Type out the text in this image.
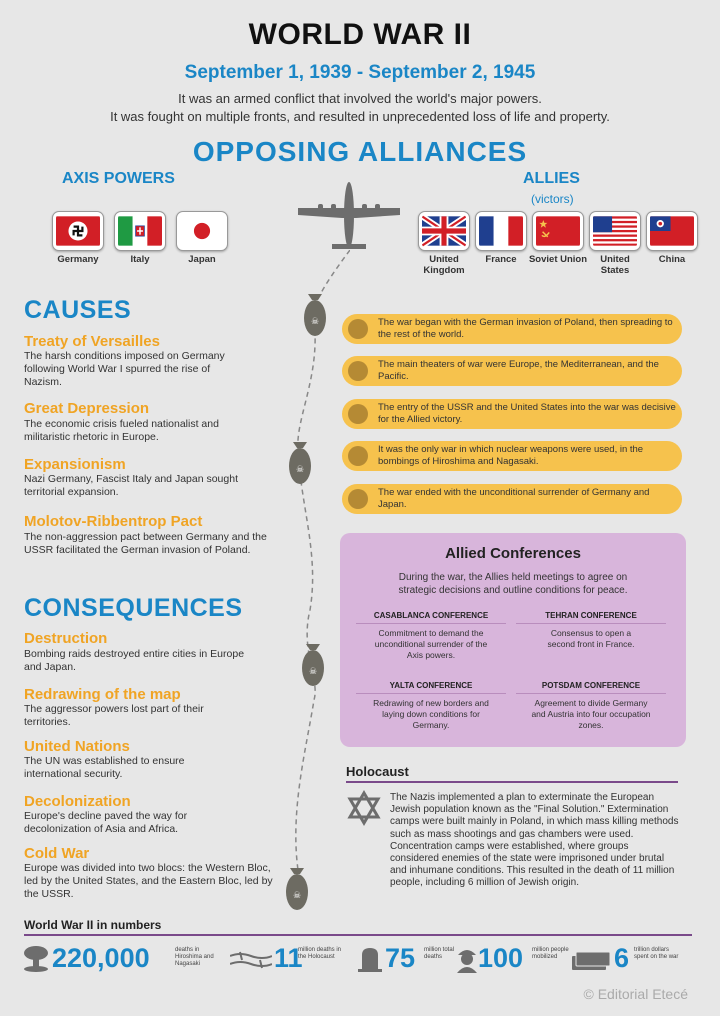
WORLD WAR II
September 1, 1939 - September 2, 1945
It was an armed conflict that involved the world's major powers.
It was fought on multiple fronts, and resulted in unprecedented loss of life and property.
OPPOSING ALLIANCES
AXIS POWERS	ALLIES
(victors)
Germany	Italy	Japan	United Kingdom
France	Soviet Union	United States
China
☠
☠
☠
☠
CAUSES
Treaty of Versailles
The harsh conditions imposed on Germany following World War I spurred the rise of Nazism.
Great Depression
The economic crisis fueled nationalist and militaristic rhetoric in Europe.
Expansionism
Nazi Germany, Fascist Italy and Japan sought territorial expansion.
Molotov-Ribbentrop Pact
The non-aggression pact between Germany and the USSR facilitated the German invasion of Poland.
CONSEQUENCES
Destruction
Bombing raids destroyed entire cities in Europe and Japan.
Redrawing of the map
The aggressor powers lost part of their territories.
United Nations
The UN was established to ensure international security.
Decolonization
Europe's decline paved the way for decolonization of Asia and Africa.
Cold War
Europe was divided into two blocs: the Western Bloc, led by the United States, and the Eastern Bloc, led by the USSR.
The war began with the German invasion of Poland, then spreading to the rest of the world.
The main theaters of war were Europe, the Mediterranean, and the Pacific.
The entry of the USSR and the United States into the war was decisive for the Allied victory.
It was the only war in which nuclear weapons were used, in the bombings of Hiroshima and Nagasaki.
The war ended with the unconditional surrender of Germany and Japan.
Allied Conferences
During the war, the Allies held meetings to agree on strategic decisions and outline conditions for peace.
CASABLANCA CONFERENCE
Commitment to demand the unconditional surrender of the Axis powers.
TEHRAN CONFERENCE
Consensus to open a second front in France.
YALTA CONFERENCE
Redrawing of new borders and laying down conditions for Germany.
POTSDAM CONFERENCE
Agreement to divide Germany and Austria into four occupation zones.
Holocaust
The Nazis implemented a plan to exterminate the European Jewish population known as the "Final Solution." Extermination camps were built mainly in Poland, in which mass killing methods such as mass shootings and gas chambers were used. Concentration camps were established, where groups considered enemies of the state were imprisoned under brutal and inhumane conditions. This resulted in the death of 11 million people, including 6 million of Jewish origin.
World War II in numbers
220,000	deaths in Hiroshima and Nagasaki	11
million deaths in the Holocaust	75 million total deaths	100 million people mobilized	6 trillion dollars spent on the war
© Editorial Etecé
